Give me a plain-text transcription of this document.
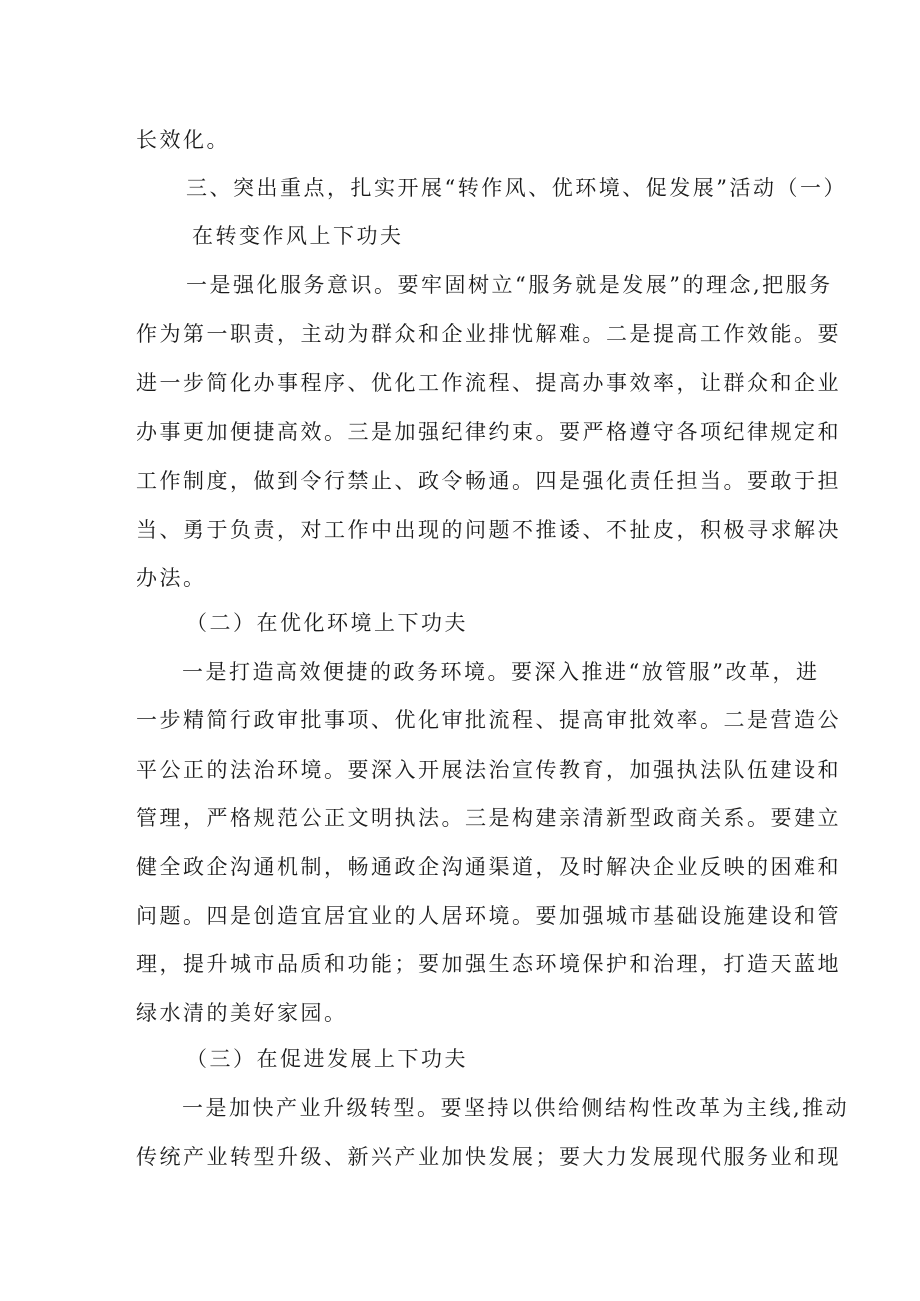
长效化。
三、突出重点，扎实开展“转作风、优环境、促发展”活动（一）
在转变作风上下功夫
一是强化服务意识。要牢固树立“服务就是发展”的理念,把服务
作为第一职责，主动为群众和企业排忧解难。二是提高工作效能。要
进一步简化办事程序、优化工作流程、提高办事效率，让群众和企业
办事更加便捷高效。三是加强纪律约束。要严格遵守各项纪律规定和
工作制度，做到令行禁止、政令畅通。四是强化责任担当。要敢于担
当、勇于负责，对工作中出现的问题不推诿、不扯皮，积极寻求解决
办法。
（二）在优化环境上下功夫
一是打造高效便捷的政务环境。要深入推进“放管服”改革，进
一步精简行政审批事项、优化审批流程、提高审批效率。二是营造公
平公正的法治环境。要深入开展法治宣传教育，加强执法队伍建设和
管理，严格规范公正文明执法。三是构建亲清新型政商关系。要建立
健全政企沟通机制，畅通政企沟通渠道，及时解决企业反映的困难和
问题。四是创造宜居宜业的人居环境。要加强城市基础设施建设和管
理，提升城市品质和功能；要加强生态环境保护和治理，打造天蓝地
绿水清的美好家园。
（三）在促进发展上下功夫
一是加快产业升级转型。要坚持以供给侧结构性改革为主线,推动
传统产业转型升级、新兴产业加快发展；要大力发展现代服务业和现
